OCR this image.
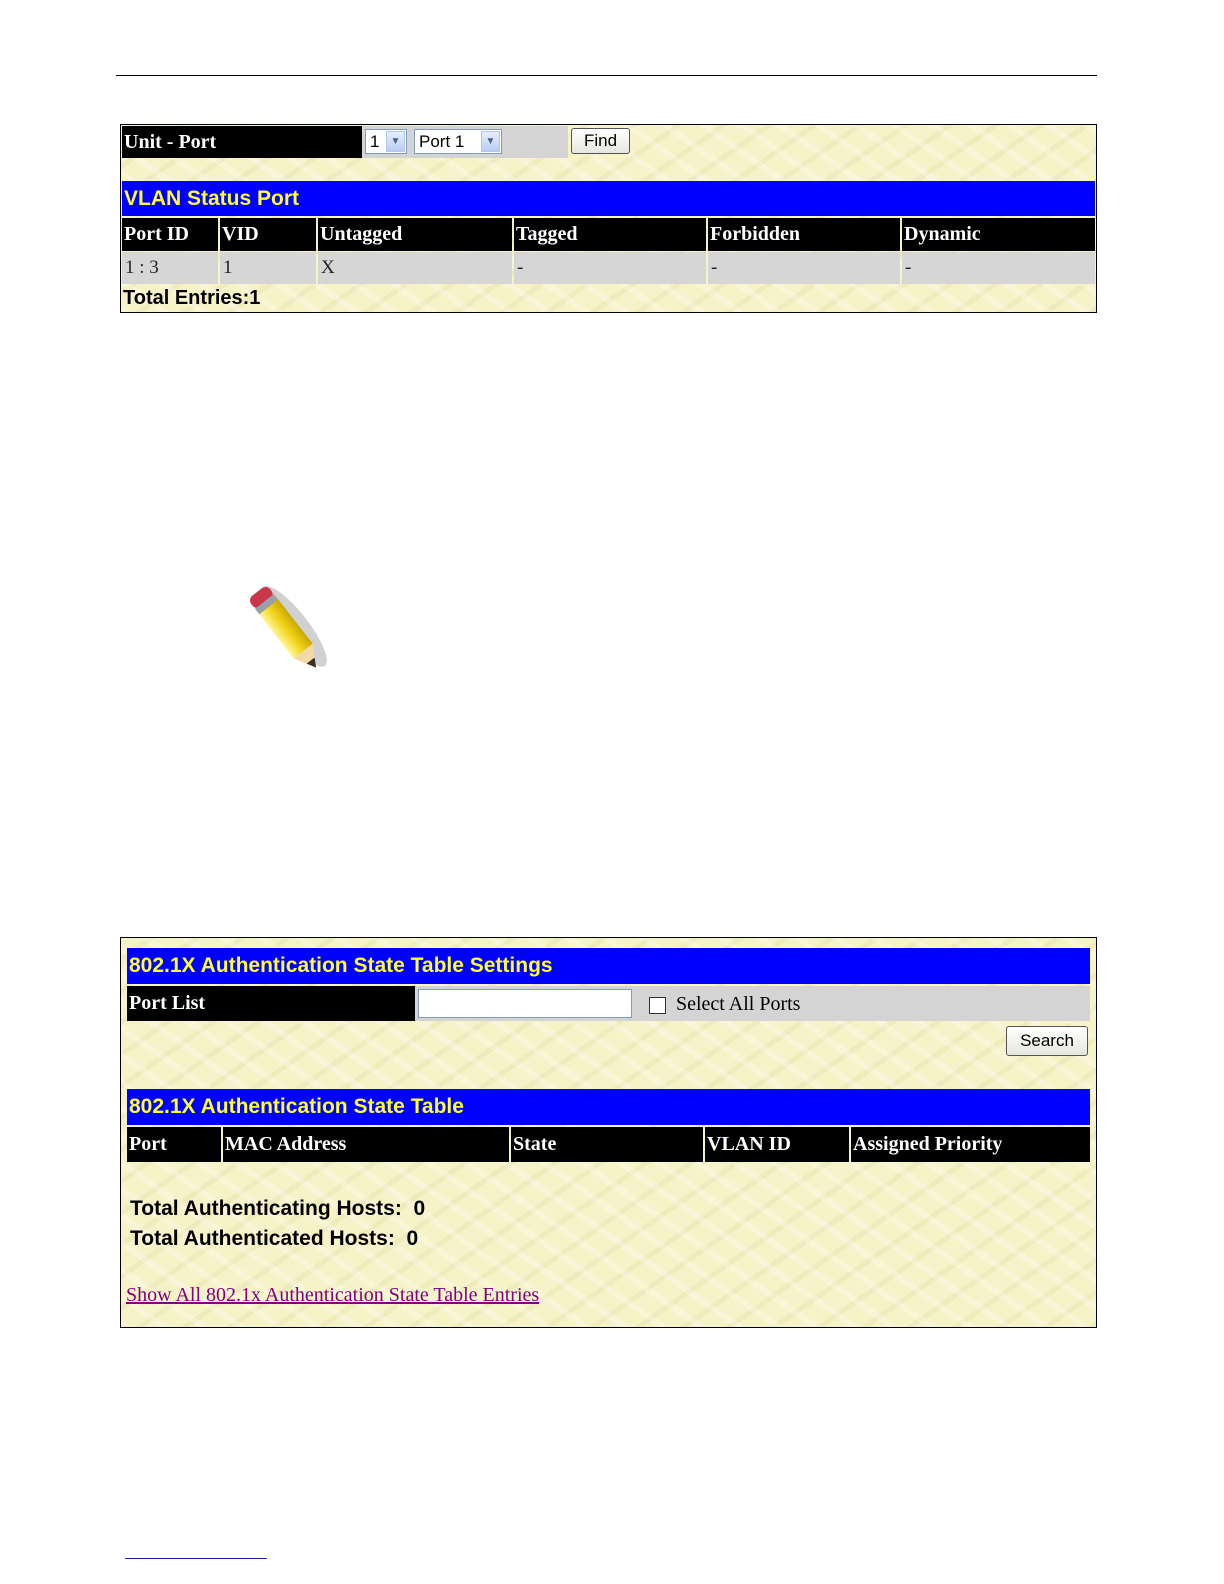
Unit - Port	1	▼ Port 1	▼	Find
VLAN Status Port
Port ID	VID	Untagged	Tagged	Forbidden	Dynamic
1 : 3	1	X	-	-	-
Total Entries:1
802.1X Authentication State Table Settings
Port List	Select All Ports
Search
802.1X Authentication State Table
Port	MAC Address	State	VLAN ID	Assigned Priority
Total Authenticating Hosts:  0
Total Authenticated Hosts:  0
Show All 802.1x Authentication State Table Entries
